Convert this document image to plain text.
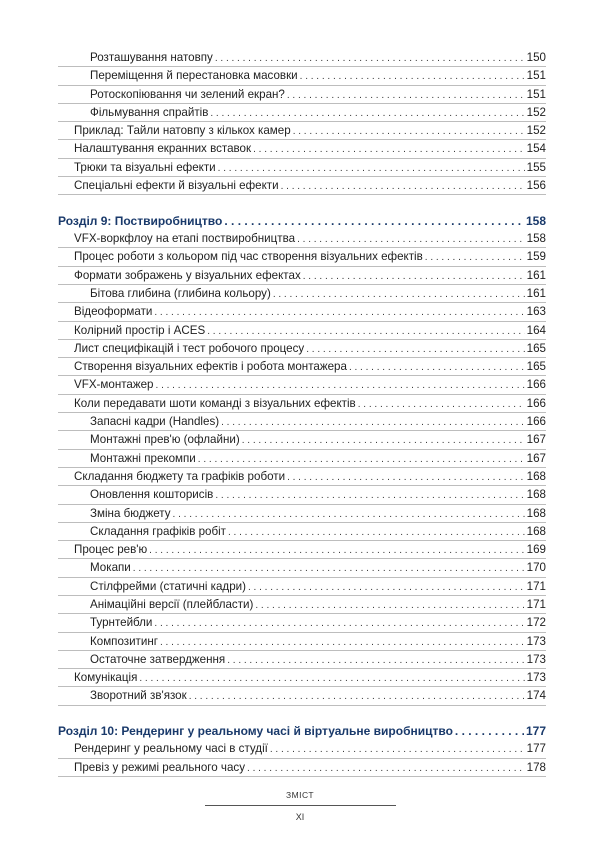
Розташування натовпу . . .	150
Переміщення й перестановка масовки . . .	151
Ротоскопіювання чи зелений екран? . . .	151
Фільмування спрайтів . . .	152
Приклад: Тайли натовпу з кількох камер . . .	152
Налаштування екранних вставок . . .	154
Трюки та візуальні ефекти . . .	155
Спеціальні ефекти й візуальні ефекти . . .	156
Розділ 9: Поствиробництво . . .	158
VFX-воркфлоу на етапі поствиробництва . . .	158
Процес роботи з кольором під час створення візуальних ефектів . . .	159
Формати зображень у візуальних ефектах . . .	161
Бітова глибина (глибина кольору) . . .	161
Відеоформати . . .	163
Колірний простір і ACES . . .	164
Лист специфікацій і тест робочого процесу . . .	165
Створення візуальних ефектів і робота монтажера . . .	165
VFX-монтажер . . .	166
Коли передавати шоти команді з візуальних ефектів . . .	166
Запасні кадри (Handles) . . .	166
Монтажні прев'ю (офлайни) . . .	167
Монтажні прекомпи . . .	167
Складання бюджету та графіків роботи . . .	168
Оновлення кошторисів . . .	168
Зміна бюджету . . .	168
Складання графіків робіт . . .	168
Процес рев'ю . . .	169
Мокапи . . .	170
Стілфрейми (статичні кадри) . . .	171
Анімаційні версії (плейбласти) . . .	171
Турнтейбли . . .	172
Композитинг . . .	173
Остаточне затвердження . . .	173
Комунікація . . .	173
Зворотний зв'язок . . .	174
Розділ 10: Рендеринг у реальному часі й віртуальне виробництво . . .	177
Рендеринг у реальному часі в студії . . .	177
Превіз у режимі реального часу . . .	178
ЗМІСТ
XI
